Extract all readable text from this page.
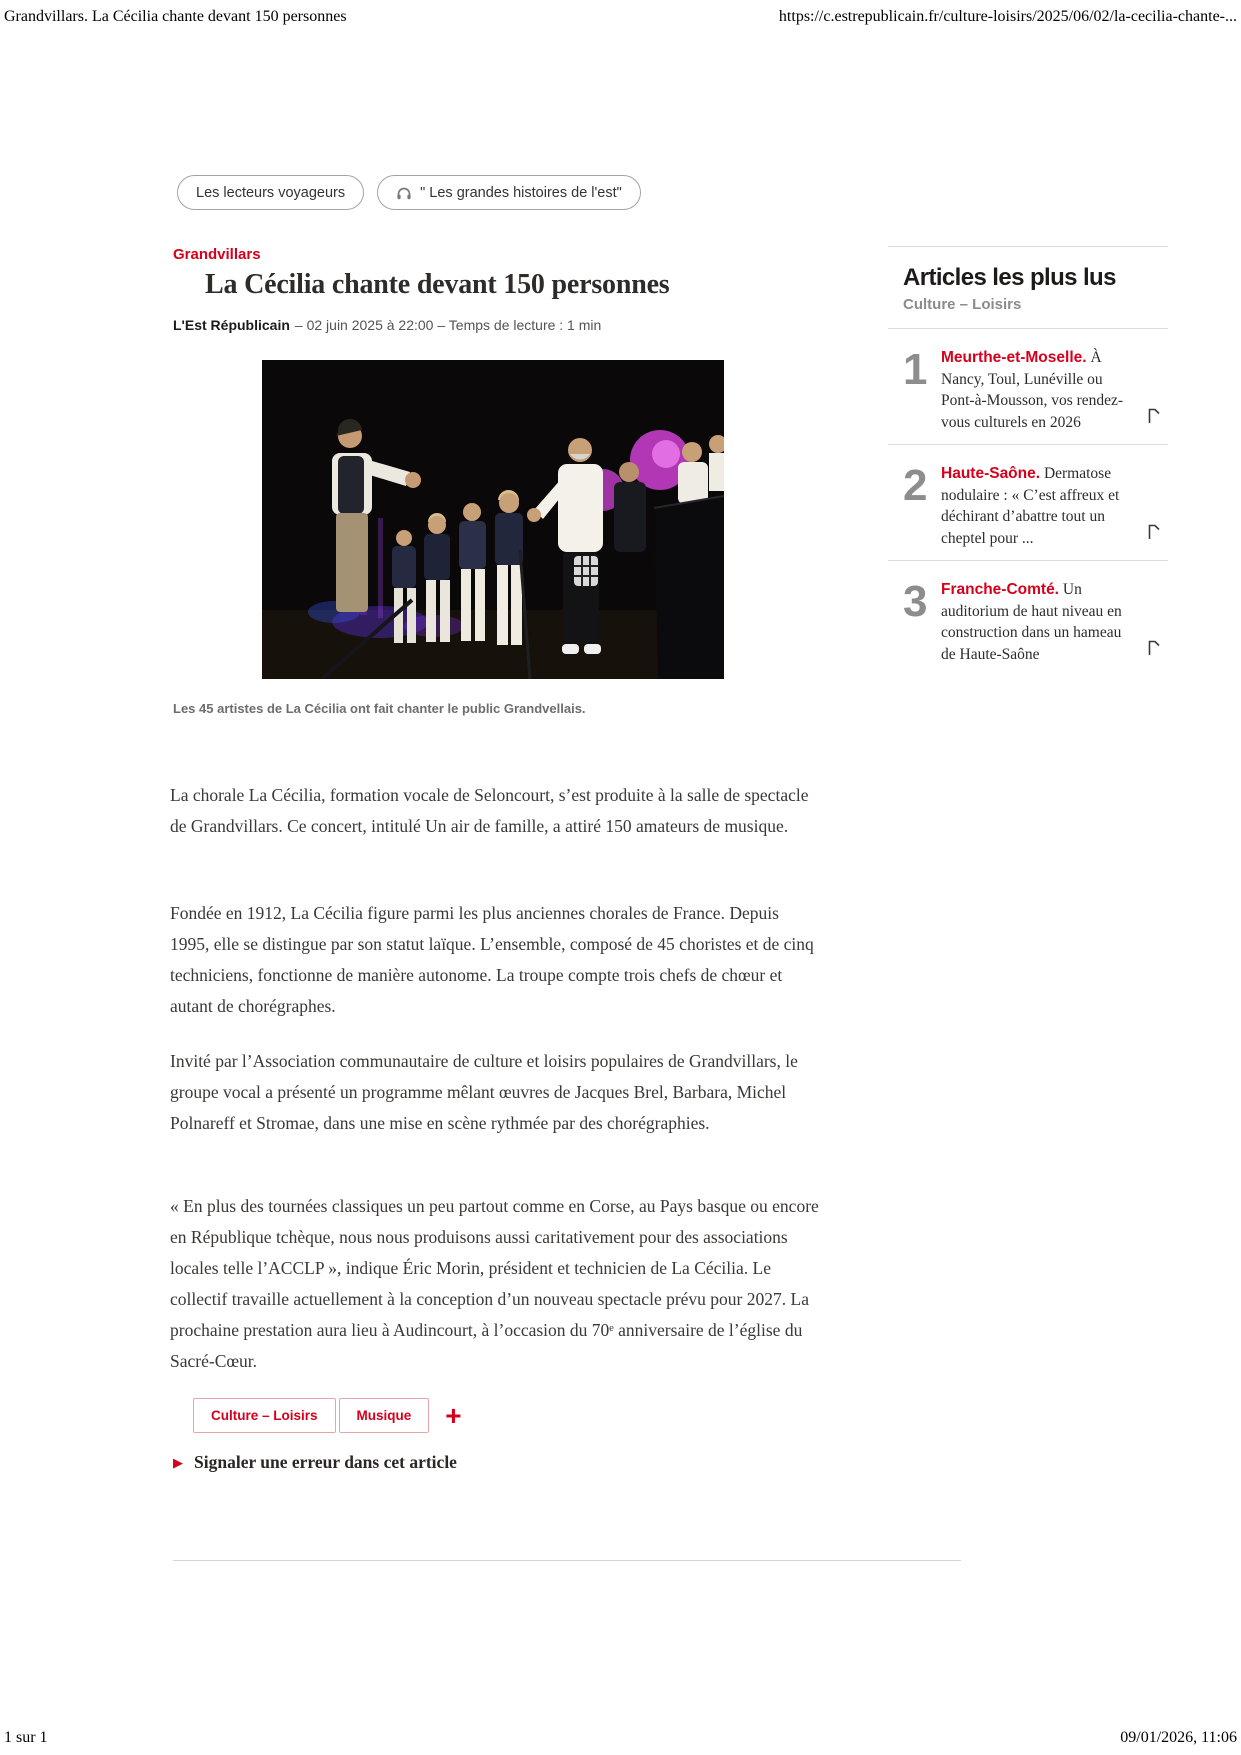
Grandvillars. La Cécilia chante devant 150 personnes	https://c.estrepublicain.fr/culture-loisirs/2025/06/02/la-cecilia-chante-...
Les lecteurs voyageurs	" Les grandes histoires de l'est"
Grandvillars
La Cécilia chante devant 150 personnes
L'Est Républicain – 02 juin 2025 à 22:00 – Temps de lecture : 1 min
Les 45 artistes de La Cécilia ont fait chanter le public Grandvellais.

La chorale La Cécilia, formation vocale de Seloncourt, s’est produite à la salle de spectacle de Grandvillars. Ce concert, intitulé Un air de famille, a attiré 150 amateurs de musique.

Fondée en 1912, La Cécilia figure parmi les plus anciennes chorales de France. Depuis 1995, elle se distingue par son statut laïque. L’ensemble, composé de 45 choristes et de cinq techniciens, fonctionne de manière autonome. La troupe compte trois chefs de chœur et autant de chorégraphes.

Invité par l’Association communautaire de culture et loisirs populaires de Grandvillars, le groupe vocal a présenté un programme mêlant œuvres de Jacques Brel, Barbara, Michel Polnareff et Stromae, dans une mise en scène rythmée par des chorégraphies.

« En plus des tournées classiques un peu partout comme en Corse, au Pays basque ou encore en République tchèque, nous nous produisons aussi caritativement pour des associations locales telle l’ACCLP », indique Éric Morin, président et technicien de La Cécilia. Le collectif travaille actuellement à la conception d’un nouveau spectacle prévu pour 2027. La prochaine prestation aura lieu à Audincourt, à l’occasion du 70ᵉ anniversaire de l’église du Sacré-Cœur.

Culture – Loisirs	Musique	+
▶ Signaler une erreur dans cet article
Articles les plus lus
Culture – Loisirs
1	Meurthe-et-Moselle. À Nancy, Toul, Lunéville ou Pont-à-Mousson, vos rendez-vous culturels en 2026
2	Haute-Saône. Dermatose nodulaire : « C’est affreux et déchirant d’abattre tout un cheptel pour ...
3	Franche-Comté. Un auditorium de haut niveau en construction dans un hameau de Haute-Saône
1 sur 1	09/01/2026, 11:06
